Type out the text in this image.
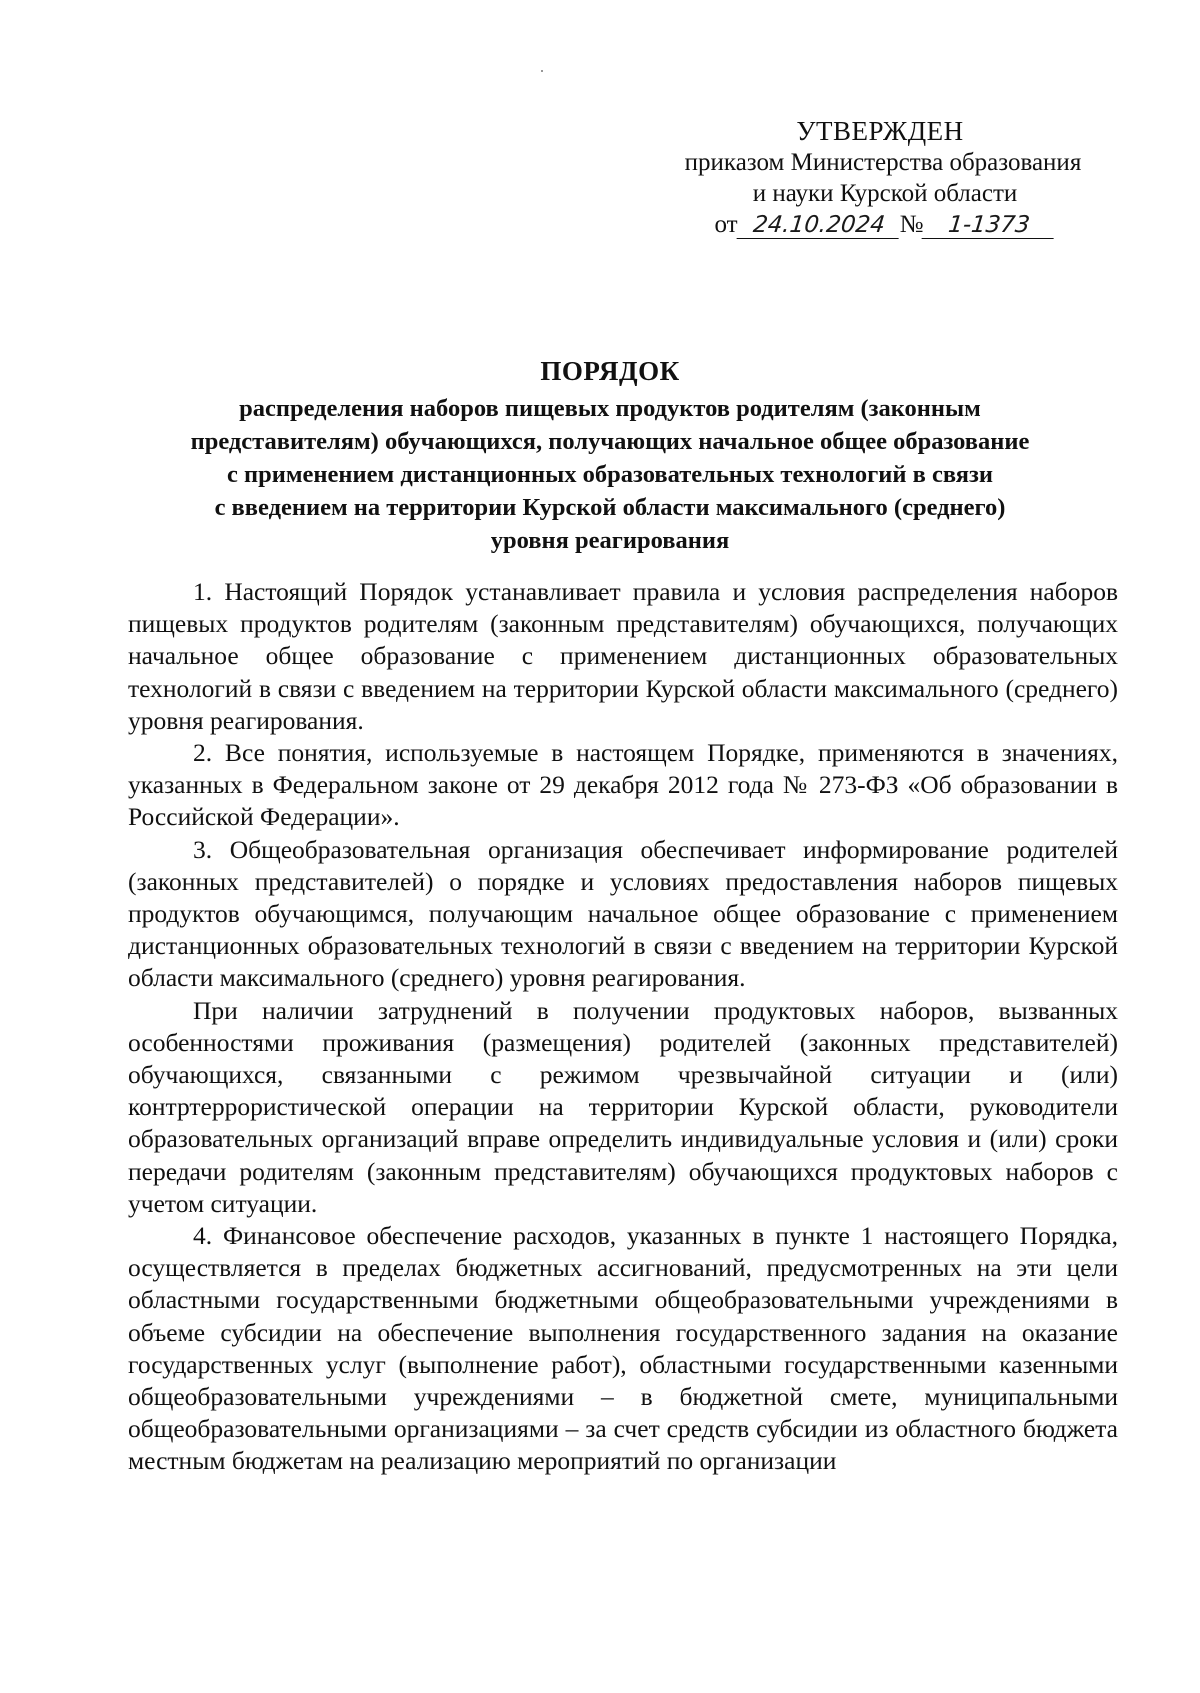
УТВЕРЖДЕН
приказом Министерства образования
и науки Курской области
от 24.10.2024 №	1-1373
ПОРЯДОК
распределения наборов пищевых продуктов родителям (законным
представителям) обучающихся, получающих начальное общее образование
с применением дистанционных образовательных технологий в связи
с введением на территории Курской области максимального (среднего)
уровня реагирования

1. Настоящий Порядок устанавливает правила и условия распределения наборов пищевых продуктов родителям (законным представителям) обучающихся, получающих начальное общее образование с применением дистанционных образовательных технологий в связи с введением на территории Курской области максимального (среднего) уровня реагирования.

2. Все понятия, используемые в настоящем Порядке, применяются в значениях, указанных в Федеральном законе от 29 декабря 2012 года № 273-ФЗ «Об образовании в Российской Федерации».

3. Общеобразовательная организация обеспечивает информирование родителей (законных представителей) о порядке и условиях предоставления наборов пищевых продуктов обучающимся, получающим начальное общее образование с применением дистанционных образовательных технологий в связи с введением на территории Курской области максимального (среднего) уровня реагирования.

При наличии затруднений в получении продуктовых наборов, вызванных особенностями проживания (размещения) родителей (законных представителей) обучающихся, связанными с режимом чрезвычайной ситуации и (или) контртеррористической операции на территории Курской области, руководители образовательных организаций вправе определить индивидуальные условия и (или) сроки передачи родителям (законным представителям) обучающихся продуктовых наборов с учетом ситуации.

4. Финансовое обеспечение расходов, указанных в пункте 1 настоящего Порядка, осуществляется в пределах бюджетных ассигнований, предусмотренных на эти цели областными государственными бюджетными общеобразовательными учреждениями в объеме субсидии на обеспечение выполнения государственного задания на оказание государственных услуг (выполнение работ), областными государственными казенными общеобразовательными учреждениями – в бюджетной смете, муниципальными общеобразовательными организациями – за счет средств субсидии из областного бюджета местным бюджетам на реализацию мероприятий по организации
